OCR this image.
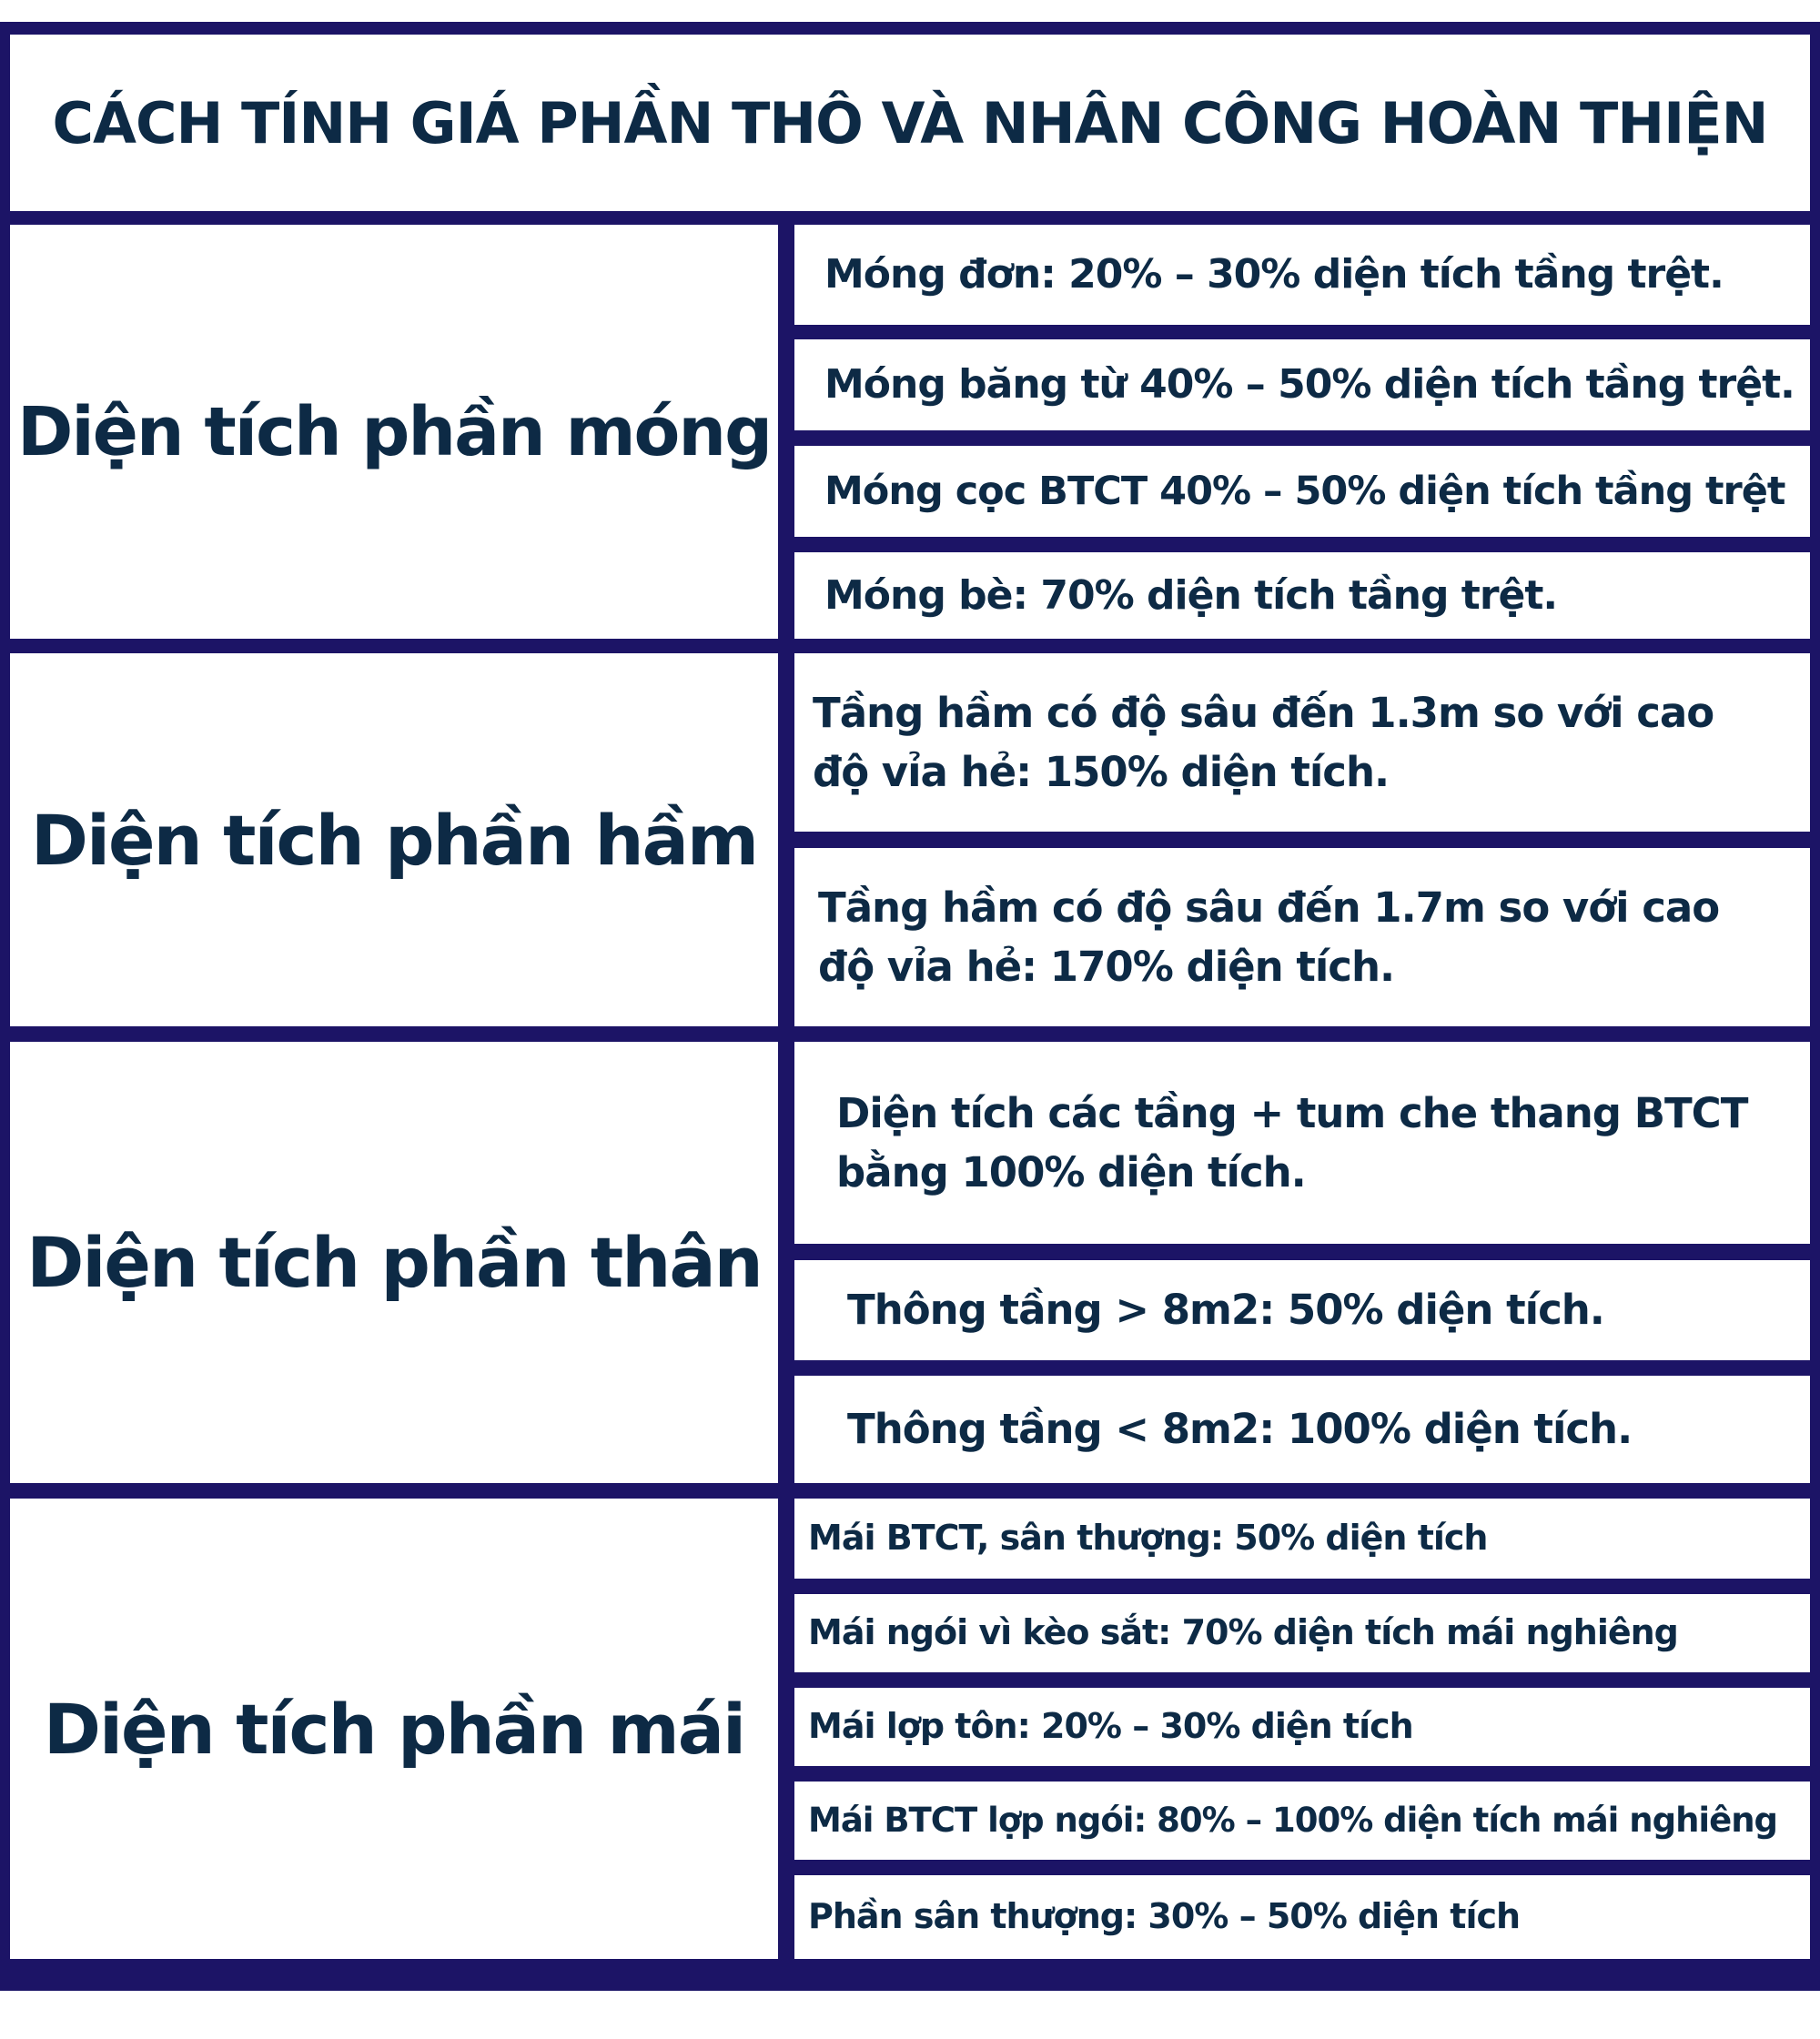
CÁCH TÍNH GIÁ PHẦN THÔ VÀ NHÂN CÔNG HOÀN THIỆN
Diện tích phần móng
Móng đơn: 20% – 30% diện tích tầng trệt.
Móng băng từ 40% – 50% diện tích tầng trệt.
Móng cọc BTCT 40% – 50% diện tích tầng trệt
Móng bè: 70% diện tích tầng trệt.
Diện tích phần hầm
Tầng hầm có độ sâu đến 1.3m so với cao độ vỉa hẻ: 150% diện tích.
Tầng hầm có độ sâu đến 1.7m so với cao độ vỉa hẻ: 170% diện tích.
Diện tích phần thân
Diện tích các tầng + tum che thang BTCT bằng 100% diện tích.
Thông tầng > 8m2: 50% diện tích.
Thông tầng < 8m2: 100% diện tích.
Diện tích phần mái
Mái BTCT, sân thượng: 50% diện tích
Mái ngói vì kèo sắt: 70% diện tích mái nghiêng
Mái lợp tôn: 20% – 30% diện tích
Mái BTCT lợp ngói: 80% – 100% diện tích mái nghiêng
Phần sân thượng: 30% – 50% diện tích
